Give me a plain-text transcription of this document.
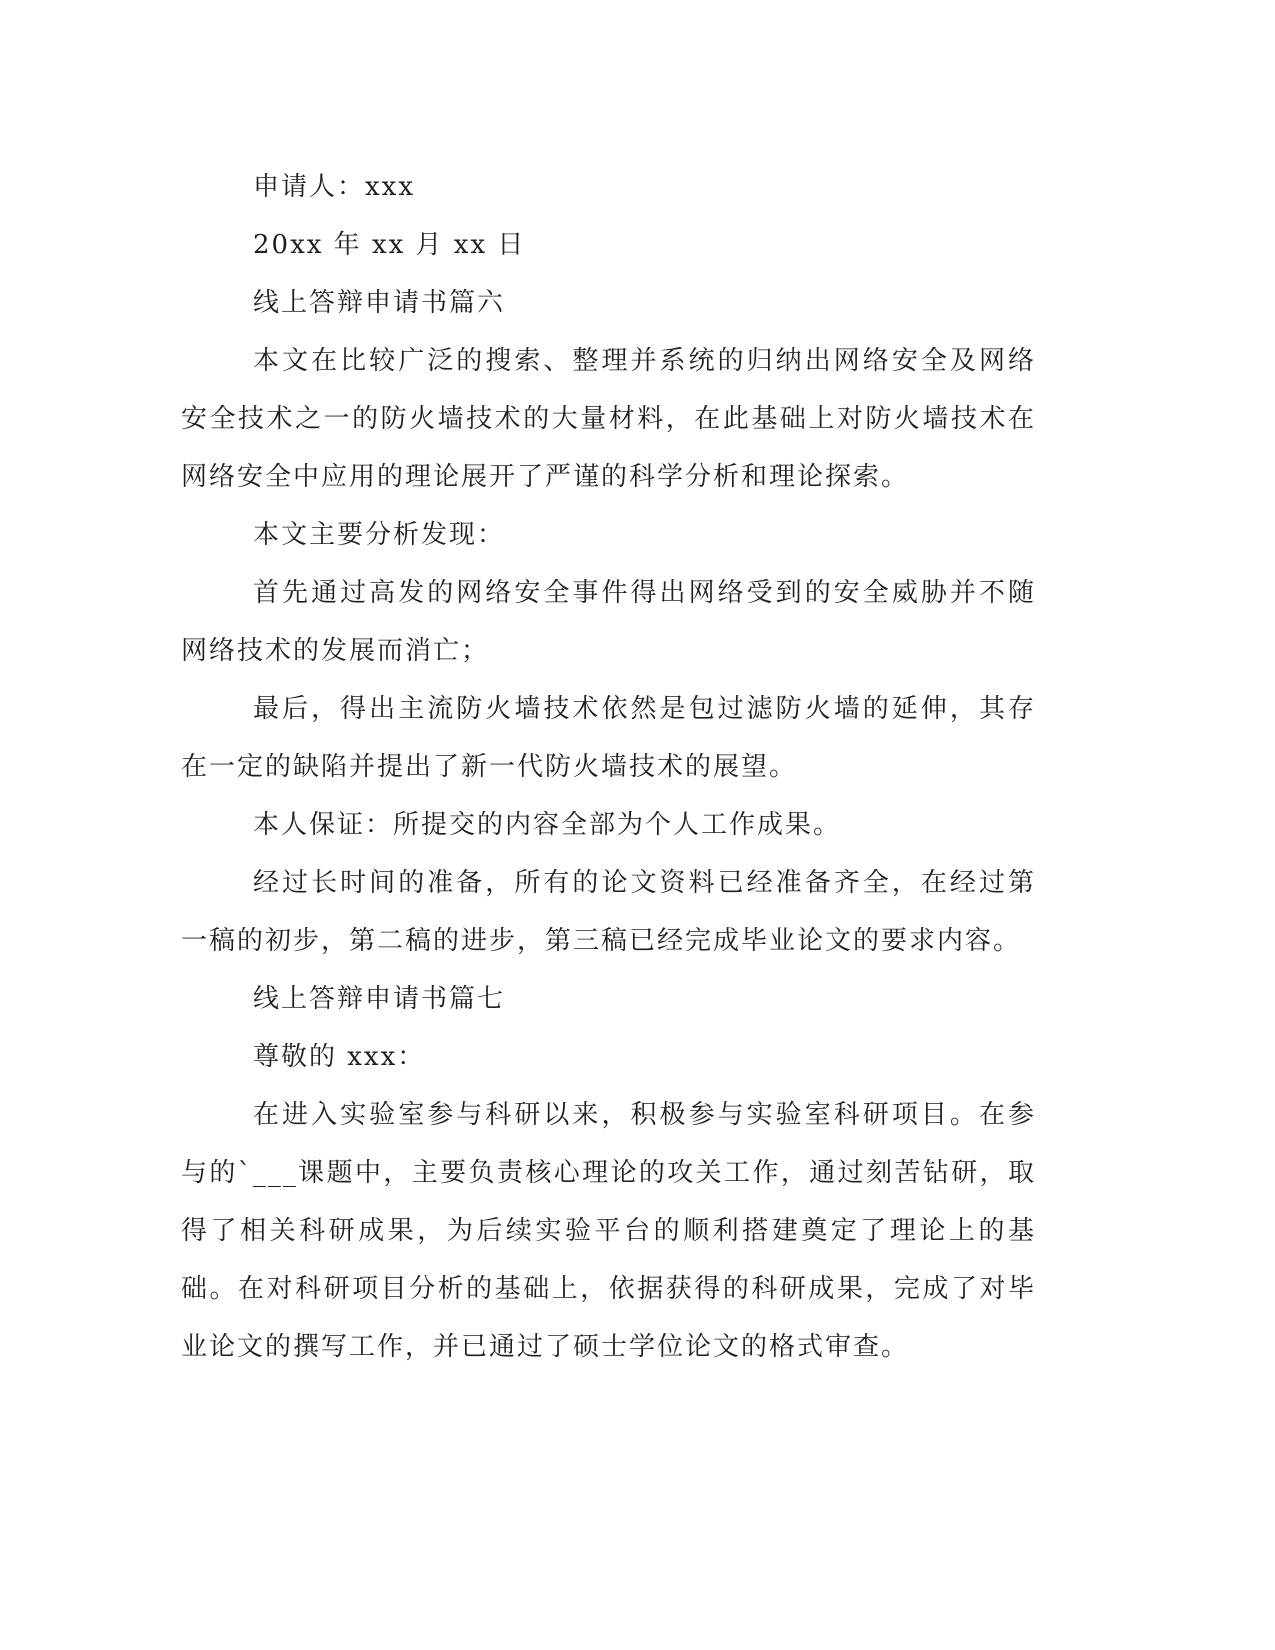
申请人：xxx

20xx 年 xx 月 xx 日

线上答辩申请书篇六

本文在比较广泛的搜索、整理并系统的归纳出网络安全及网络安全技术之一的防火墙技术的大量材料，在此基础上对防火墙技术在网络安全中应用的理论展开了严谨的科学分析和理论探索。

本文主要分析发现：

首先通过高发的网络安全事件得出网络受到的安全威胁并不随网络技术的发展而消亡；

最后，得出主流防火墙技术依然是包过滤防火墙的延伸，其存在一定的缺陷并提出了新一代防火墙技术的展望。

本人保证：所提交的内容全部为个人工作成果。

经过长时间的准备，所有的论文资料已经准备齐全，在经过第一稿的初步，第二稿的进步，第三稿已经完成毕业论文的要求内容。

线上答辩申请书篇七

尊敬的 xxx：

在进入实验室参与科研以来，积极参与实验室科研项目。在参与的`___课题中，主要负责核心理论的攻关工作，通过刻苦钻研，取得了相关科研成果，为后续实验平台的顺利搭建奠定了理论上的基础。在对科研项目分析的基础上，依据获得的科研成果，完成了对毕业论文的撰写工作，并已通过了硕士学位论文的格式审查。
